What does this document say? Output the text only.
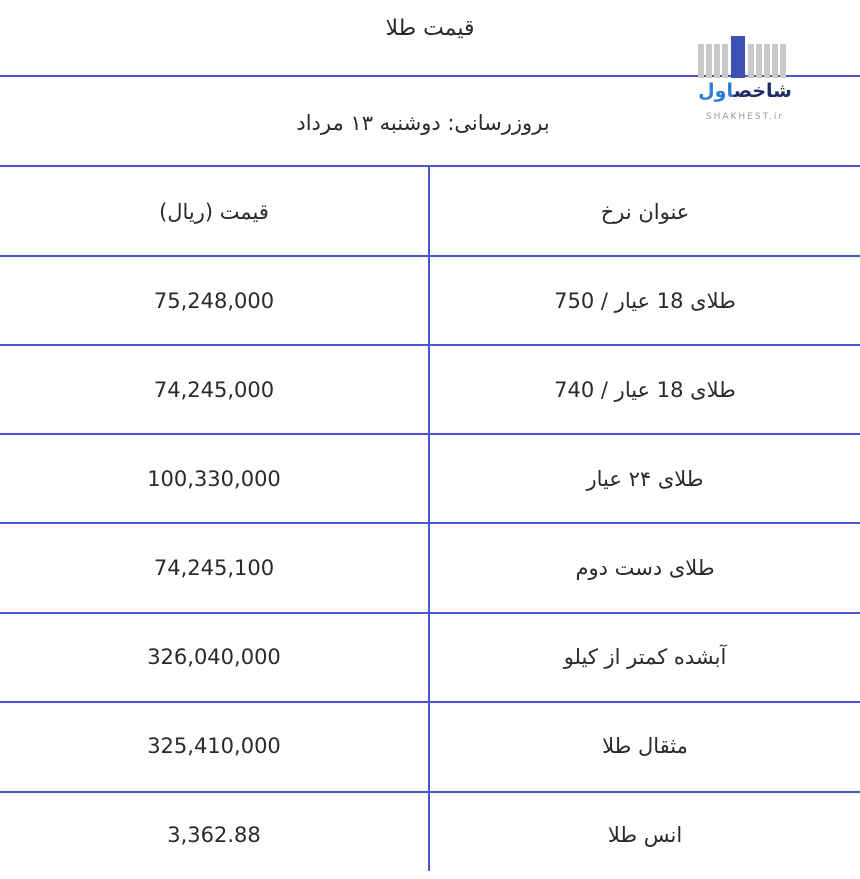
قیمت طلا
بروزرسانی: دوشنبه ۱۳ مرداد
شاخصاول
SHAKHEST.ir
قیمت (ریال)	عنوان نرخ
75,248,000	طلای 18 عیار / 750
74,245,000	طلای 18 عیار / 740
100,330,000	طلای ۲۴ عیار
74,245,100	طلای دست دوم
326,040,000	آبشده کمتر از کیلو
325,410,000	مثقال طلا
3,362.88	انس طلا
